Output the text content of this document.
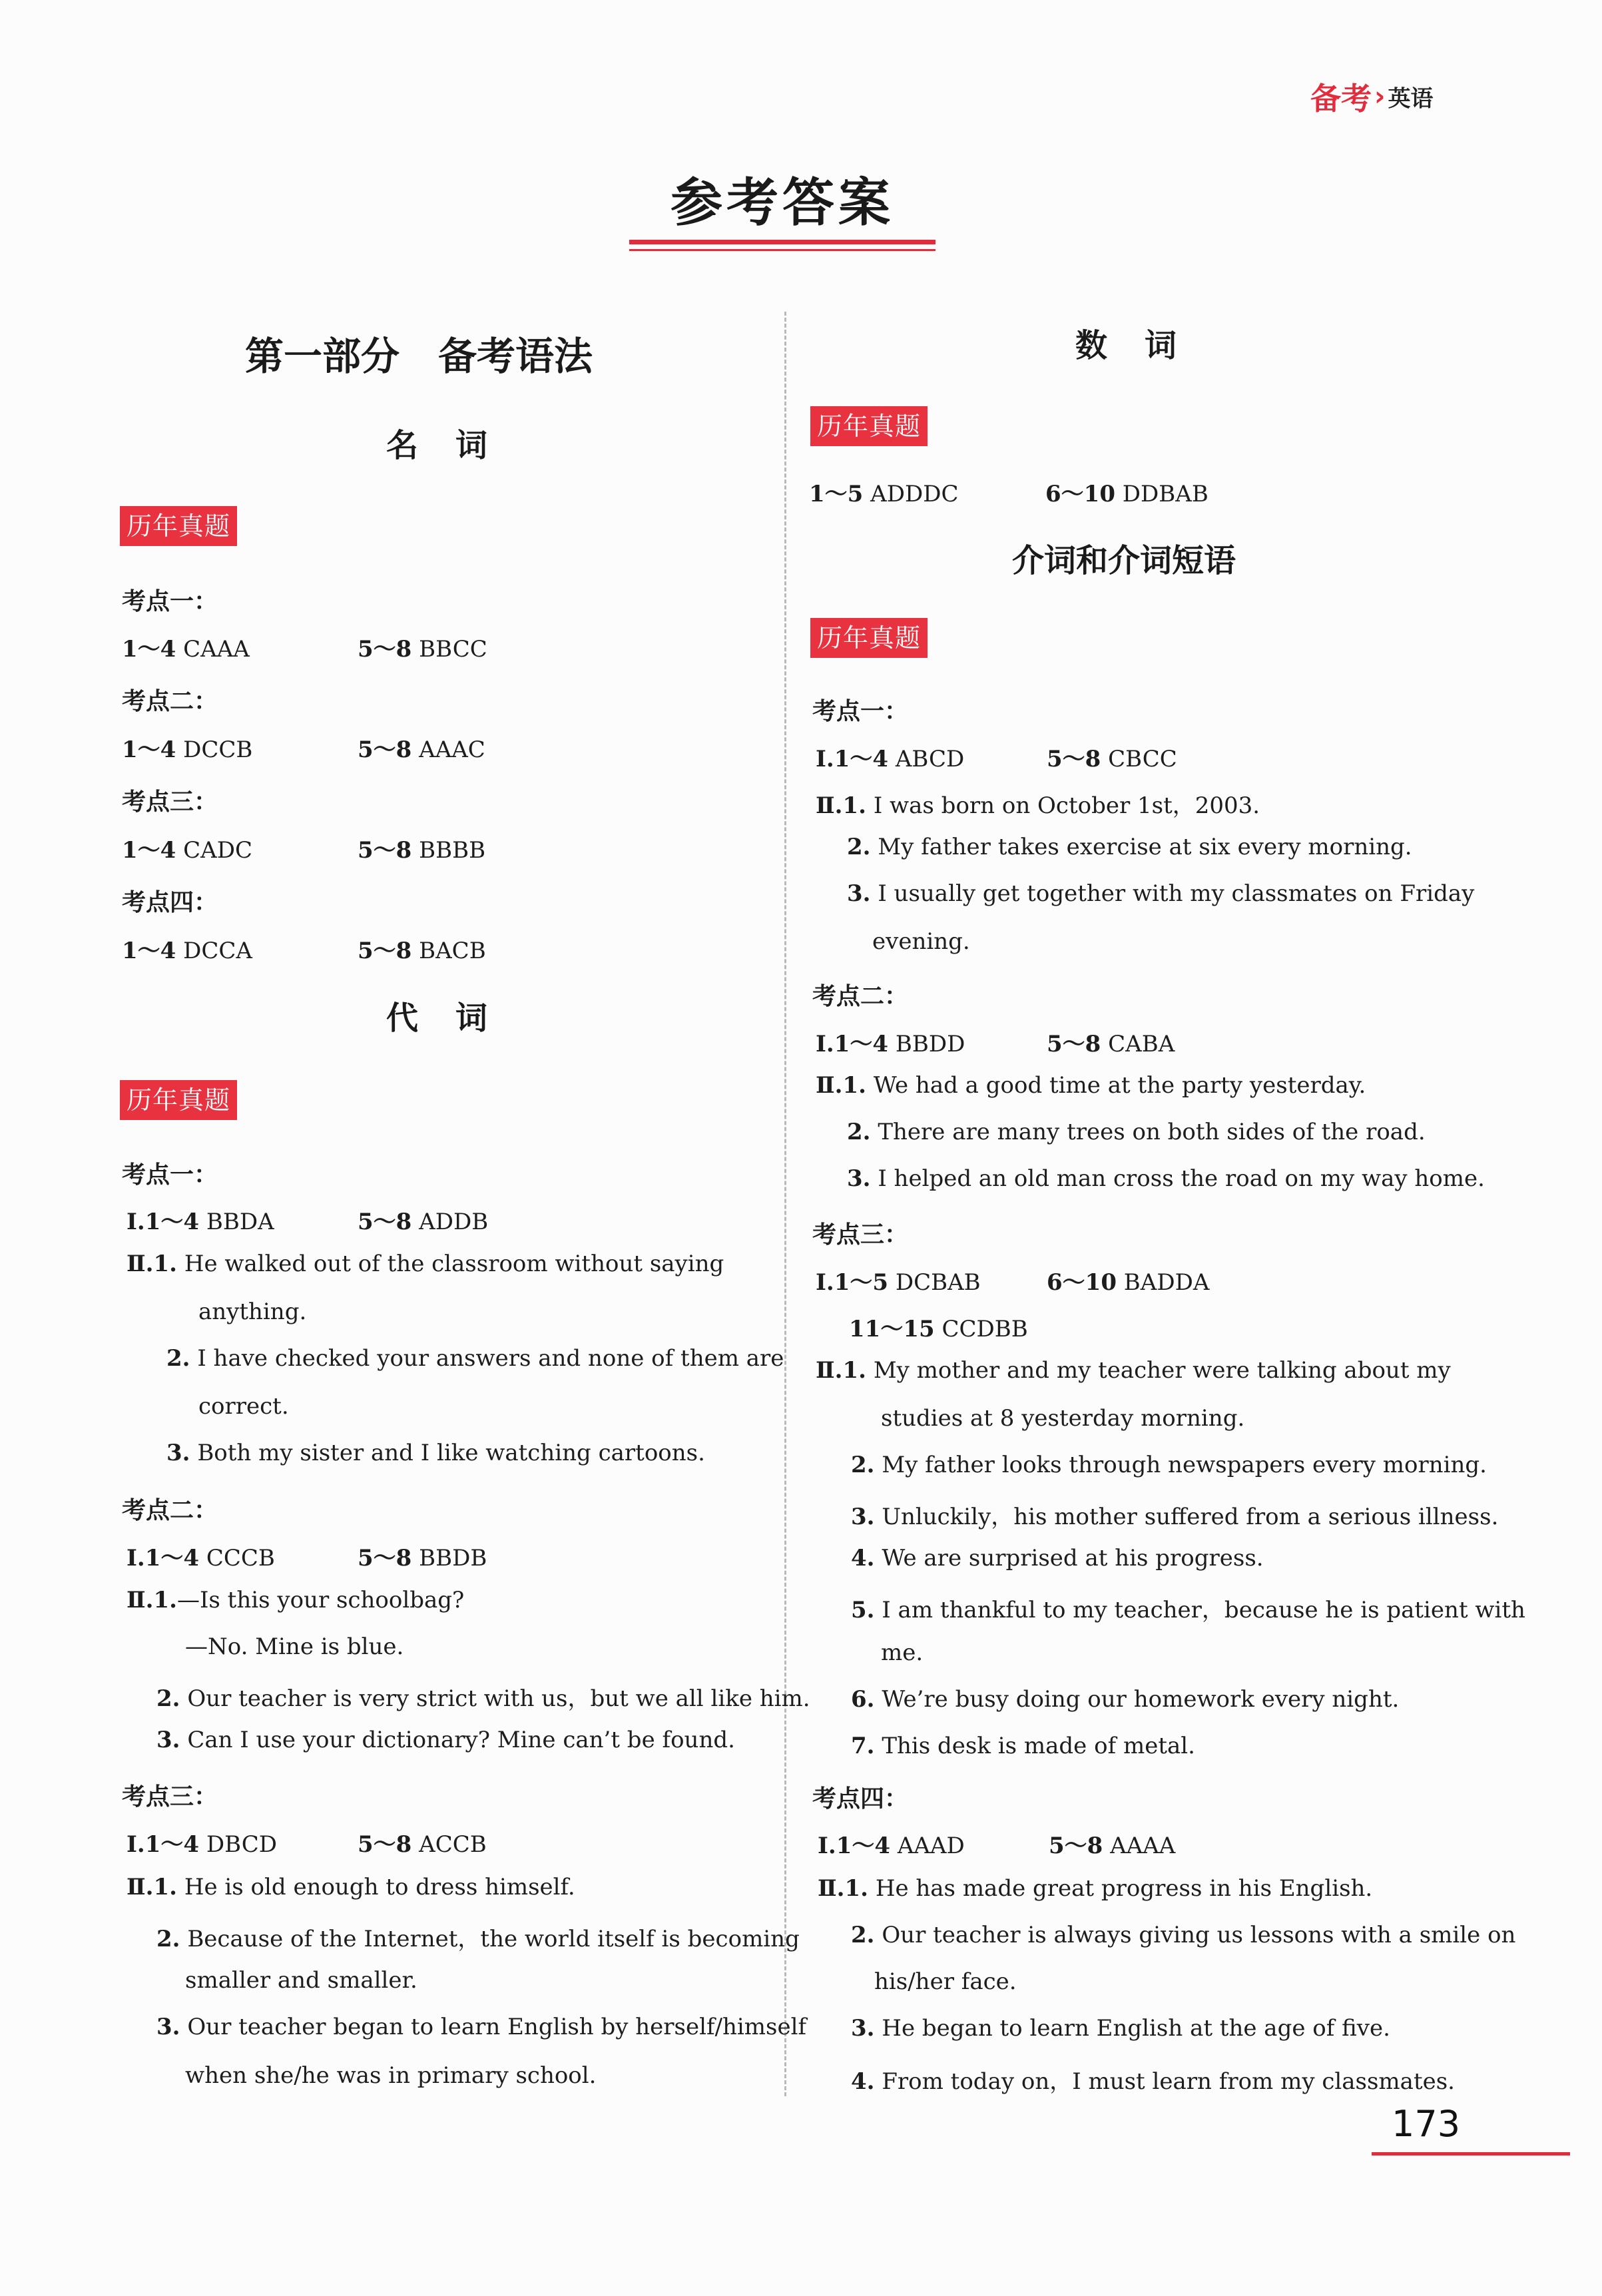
备考 › 英语
参考答案
第一部分　备考语法
名　词
历年真题
考点一：
1～4 CAAA	5～8 BBCC
考点二：
1～4 DCCB	5～8 AAAC
考点三：
1～4 CADC	5～8 BBBB
考点四：
1～4 DCCA	5～8 BACB
代　词
历年真题
考点一：
Ⅰ.1～4 BBDA	5～8 ADDB
Ⅱ.1. He walked out of the classroom without saying
anything.
2. I have checked your answers and none of them are
correct.
3. Both my sister and I like watching cartoons.
考点二：
Ⅰ.1～4 CCCB	5～8 BBDB
Ⅱ.1.—Is this your schoolbag?
—No. Mine is blue.
2. Our teacher is very strict with us，but we all like him.
3. Can I use your dictionary? Mine can’t be found.
考点三：
Ⅰ.1～4 DBCD	5～8 ACCB
Ⅱ.1. He is old enough to dress himself.
2. Because of the Internet，the world itself is becoming
smaller and smaller.
3. Our teacher began to learn English by herself/himself
when she/he was in primary school.
数　词
历年真题
1～5 ADDDC	6～10 DDBAB
介词和介词短语
历年真题
考点一：
Ⅰ.1～4 ABCD	5～8 CBCC
Ⅱ.1. I was born on October 1st，2003.
2. My father takes exercise at six every morning.
3. I usually get together with my classmates on Friday
evening.
考点二：
Ⅰ.1～4 BBDD	5～8 CABA
Ⅱ.1. We had a good time at the party yesterday.
2. There are many trees on both sides of the road.
3. I helped an old man cross the road on my way home.
考点三：
Ⅰ.1～5 DCBAB	6～10 BADDA
11～15 CCDBB
Ⅱ.1. My mother and my teacher were talking about my
studies at 8 yesterday morning.
2. My father looks through newspapers every morning.
3. Unluckily，his mother suffered from a serious illness.
4. We are surprised at his progress.
5. I am thankful to my teacher，because he is patient with
me.
6. We’re busy doing our homework every night.
7. This desk is made of metal.
考点四：
Ⅰ.1～4 AAAD	5～8 AAAA
Ⅱ.1. He has made great progress in his English.
2. Our teacher is always giving us lessons with a smile on
his/her face.
3. He began to learn English at the age of five.
4. From today on，I must learn from my classmates.
173
